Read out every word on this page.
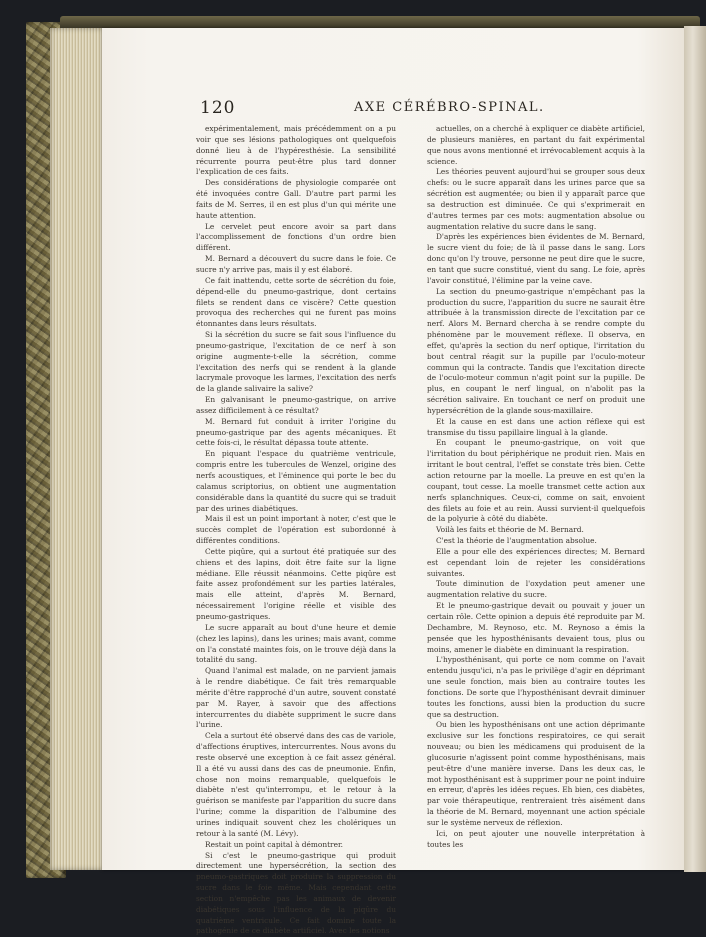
120	AXE CÉRÉBRO-SPINAL.

expérimentalement, mais précédemment on a pu voir que ses lésions pathologiques ont quelquefois donné lieu à de l'hypéresthésie. La sensibilité récurrente pourra peut-être plus tard donner l'explication de ces faits.

Des considérations de physiologie comparée ont été invoquées contre Gall. D'autre part parmi les faits de M. Serres, il en est plus d'un qui mérite une haute attention.

Le cervelet peut encore avoir sa part dans l'accomplissement de fonctions d'un ordre bien différent.

M. Bernard a découvert du sucre dans le foie. Ce sucre n'y arrive pas, mais il y est élaboré.

Ce fait inattendu, cette sorte de sécrétion du foie, dépend-elle du pneumo-gastrique, dont certains filets se rendent dans ce viscère? Cette question provoqua des recherches qui ne furent pas moins étonnantes dans leurs résultats.

Si la sécrétion du sucre se fait sous l'influence du pneumo-gastrique, l'excitation de ce nerf à son origine augmente-t-elle la sécrétion, comme l'excitation des nerfs qui se rendent à la glande lacrymale provoque les larmes, l'excitation des nerfs de la glande salivaire la salive?

En galvanisant le pneumo-gastrique, on arrive assez difficilement à ce résultat?

M. Bernard fut conduit à irriter l'origine du pneumo-gastrique par des agents mécaniques. Et cette fois-ci, le résultat dépassa toute attente.

En piquant l'espace du quatrième ventricule, compris entre les tubercules de Wenzel, origine des nerfs acoustiques, et l'éminence qui porte le bec du calamus scriptorius, on obtient une augmentation considérable dans la quantité du sucre qui se traduit par des urines diabétiques.

Mais il est un point important à noter, c'est que le succès complet de l'opération est subordonné à différentes conditions.

Cette piqûre, qui a surtout été pratiquée sur des chiens et des lapins, doit être faite sur la ligne médiane. Elle réussit néanmoins. Cette piqûre est faite assez profondément sur les parties latérales, mais elle atteint, d'après M. Bernard, nécessairement l'origine réelle et visible des pneumo-gastriques.

Le sucre apparaît au bout d'une heure et demie (chez les lapins), dans les urines; mais avant, comme on l'a constaté maintes fois, on le trouve déjà dans la totalité du sang.

Quand l'animal est malade, on ne parvient jamais à le rendre diabétique. Ce fait très remarquable mérite d'être rapproché d'un autre, souvent constaté par M. Rayer, à savoir que des affections intercurrentes du diabète suppriment le sucre dans l'urine.

Cela a surtout été observé dans des cas de variole, d'affections éruptives, intercurrentes. Nous avons du reste observé une exception à ce fait assez général. Il a été vu aussi dans des cas de pneumonie. Enfin, chose non moins remarquable, quelquefois le diabète n'est qu'interrompu, et le retour à la guérison se manifeste par l'apparition du sucre dans l'urine; comme la disparition de l'albumine des urines indiquait souvent chez les cholériques un retour à la santé (M. Lévy).

Restait un point capital à démontrer.

Si c'est le pneumo-gastrique qui produit directement une hypersécrétion, la section des pneumo-gastriques doit produire la suppression du sucre dans le foie même. Mais cependant cette section n'empêche pas les animaux de devenir diabétiques sous l'influence de la piqûre du quatrième ventricule. Ce fait domine toute la pathogénie de ce diabète artificiel. Avec les notions

actuelles, on a cherché à expliquer ce diabète artificiel, de plusieurs manières, en partant du fait expérimental que nous avons mentionné et irrévocablement acquis à la science.

Les théories peuvent aujourd'hui se grouper sous deux chefs: ou le sucre apparaît dans les urines parce que sa sécrétion est augmentée; ou bien il y apparaît parce que sa destruction est diminuée. Ce qui s'exprimerait en d'autres termes par ces mots: augmentation absolue ou augmentation relative du sucre dans le sang.

D'après les expériences bien évidentes de M. Bernard, le sucre vient du foie; de là il passe dans le sang. Lors donc qu'on l'y trouve, personne ne peut dire que le sucre, en tant que sucre constitué, vient du sang. Le foie, après l'avoir constitué, l'élimine par la veine cave.

La section du pneumo-gastrique n'empêchant pas la production du sucre, l'apparition du sucre ne saurait être attribuée à la transmission directe de l'excitation par ce nerf. Alors M. Bernard chercha à se rendre compte du phénomène par le mouvement réflexe. Il observa, en effet, qu'après la section du nerf optique, l'irritation du bout central réagit sur la pupille par l'oculo-moteur commun qui la contracte. Tandis que l'excitation directe de l'oculo-moteur commun n'agit point sur la pupille. De plus, en coupant le nerf lingual, on n'abolit pas la sécrétion salivaire. En touchant ce nerf on produit une hypersécrétion de la glande sous-maxillaire.

Et la cause en est dans une action réflexe qui est transmise du tissu papillaire lingual à la glande.

En coupant le pneumo-gastrique, on voit que l'irritation du bout périphérique ne produit rien. Mais en irritant le bout central, l'effet se constate très bien. Cette action retourne par la moelle. La preuve en est qu'en la coupant, tout cesse. La moelle transmet cette action aux nerfs splanchniques. Ceux-ci, comme on sait, envoient des filets au foie et au rein. Aussi survient-il quelquefois de la polyurie à côté du diabète.

Voilà les faits et théorie de M. Bernard.

C'est la théorie de l'augmentation absolue.

Elle a pour elle des expériences directes; M. Bernard est cependant loin de rejeter les considérations suivantes.

Toute diminution de l'oxydation peut amener une augmentation relative du sucre.

Et le pneumo-gastrique devait ou pouvait y jouer un certain rôle. Cette opinion a depuis été reproduite par M. Dechambre, M. Reynoso, etc. M. Reynoso a émis la pensée que les hyposthénisants devaient tous, plus ou moins, amener le diabète en diminuant la respiration.

L'hyposthénisant, qui porte ce nom comme on l'avait entendu jusqu'ici, n'a pas le privilège d'agir en déprimant une seule fonction, mais bien au contraire toutes les fonctions. De sorte que l'hyposthénisant devrait diminuer toutes les fonctions, aussi bien la production du sucre que sa destruction.

Ou bien les hyposthénisans ont une action déprimante exclusive sur les fonctions respiratoires, ce qui serait nouveau; ou bien les médicamens qui produisent de la glucosurie n'agissent point comme hyposthénisans, mais peut-être d'une manière inverse. Dans les deux cas, le mot hyposthénisant est à supprimer pour ne point induire en erreur, d'après les idées reçues. Eh bien, ces diabètes, par voie thérapeutique, rentreraient très aisément dans la théorie de M. Bernard, moyennant une action spéciale sur le système nerveux de réflexion.

Ici, on peut ajouter une nouvelle interprétation à toutes les
